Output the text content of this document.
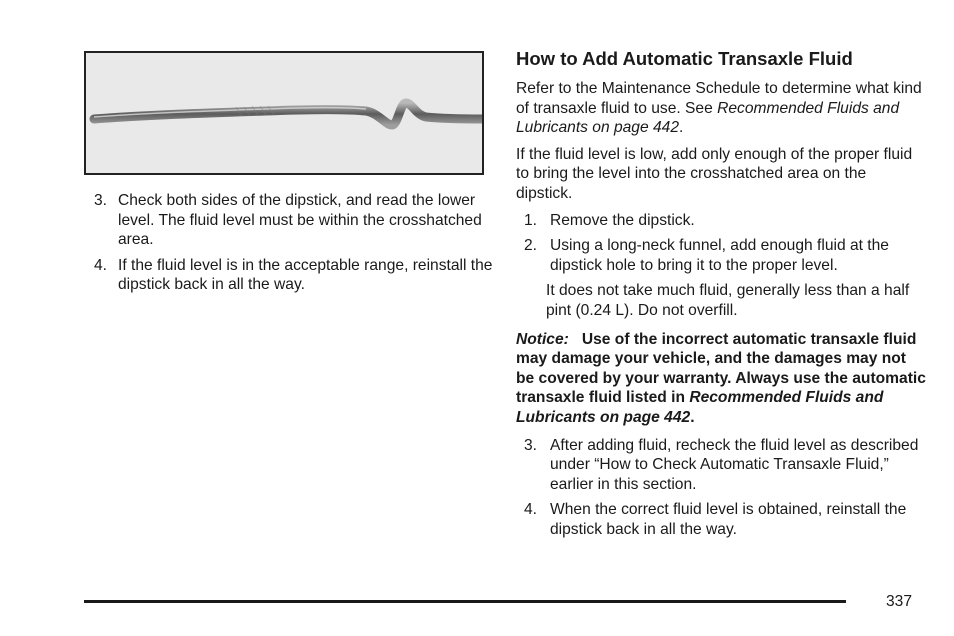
3. Check both sides of the dipstick, and read the lower level. The fluid level must be within the crosshatched area.
4. If the fluid level is in the acceptable range, reinstall the dipstick back in all the way.
How to Add Automatic Transaxle Fluid

Refer to the Maintenance Schedule to determine what kind of transaxle fluid to use. See Recommended Fluids and Lubricants on page 442.

If the fluid level is low, add only enough of the proper fluid to bring the level into the crosshatched area on the dipstick.

1. Remove the dipstick.
2. Using a long-neck funnel, add enough fluid at the dipstick hole to bring it to the proper level.

It does not take much fluid, generally less than a half pint (0.24 L). Do not overfill.

Notice: Use of the incorrect automatic transaxle fluid may damage your vehicle, and the damages may not be covered by your warranty. Always use the automatic transaxle fluid listed in Recommended Fluids and Lubricants on page 442.

3. After adding fluid, recheck the fluid level as described under “How to Check Automatic Transaxle Fluid,” earlier in this section.
4. When the correct fluid level is obtained, reinstall the dipstick back in all the way.
337
